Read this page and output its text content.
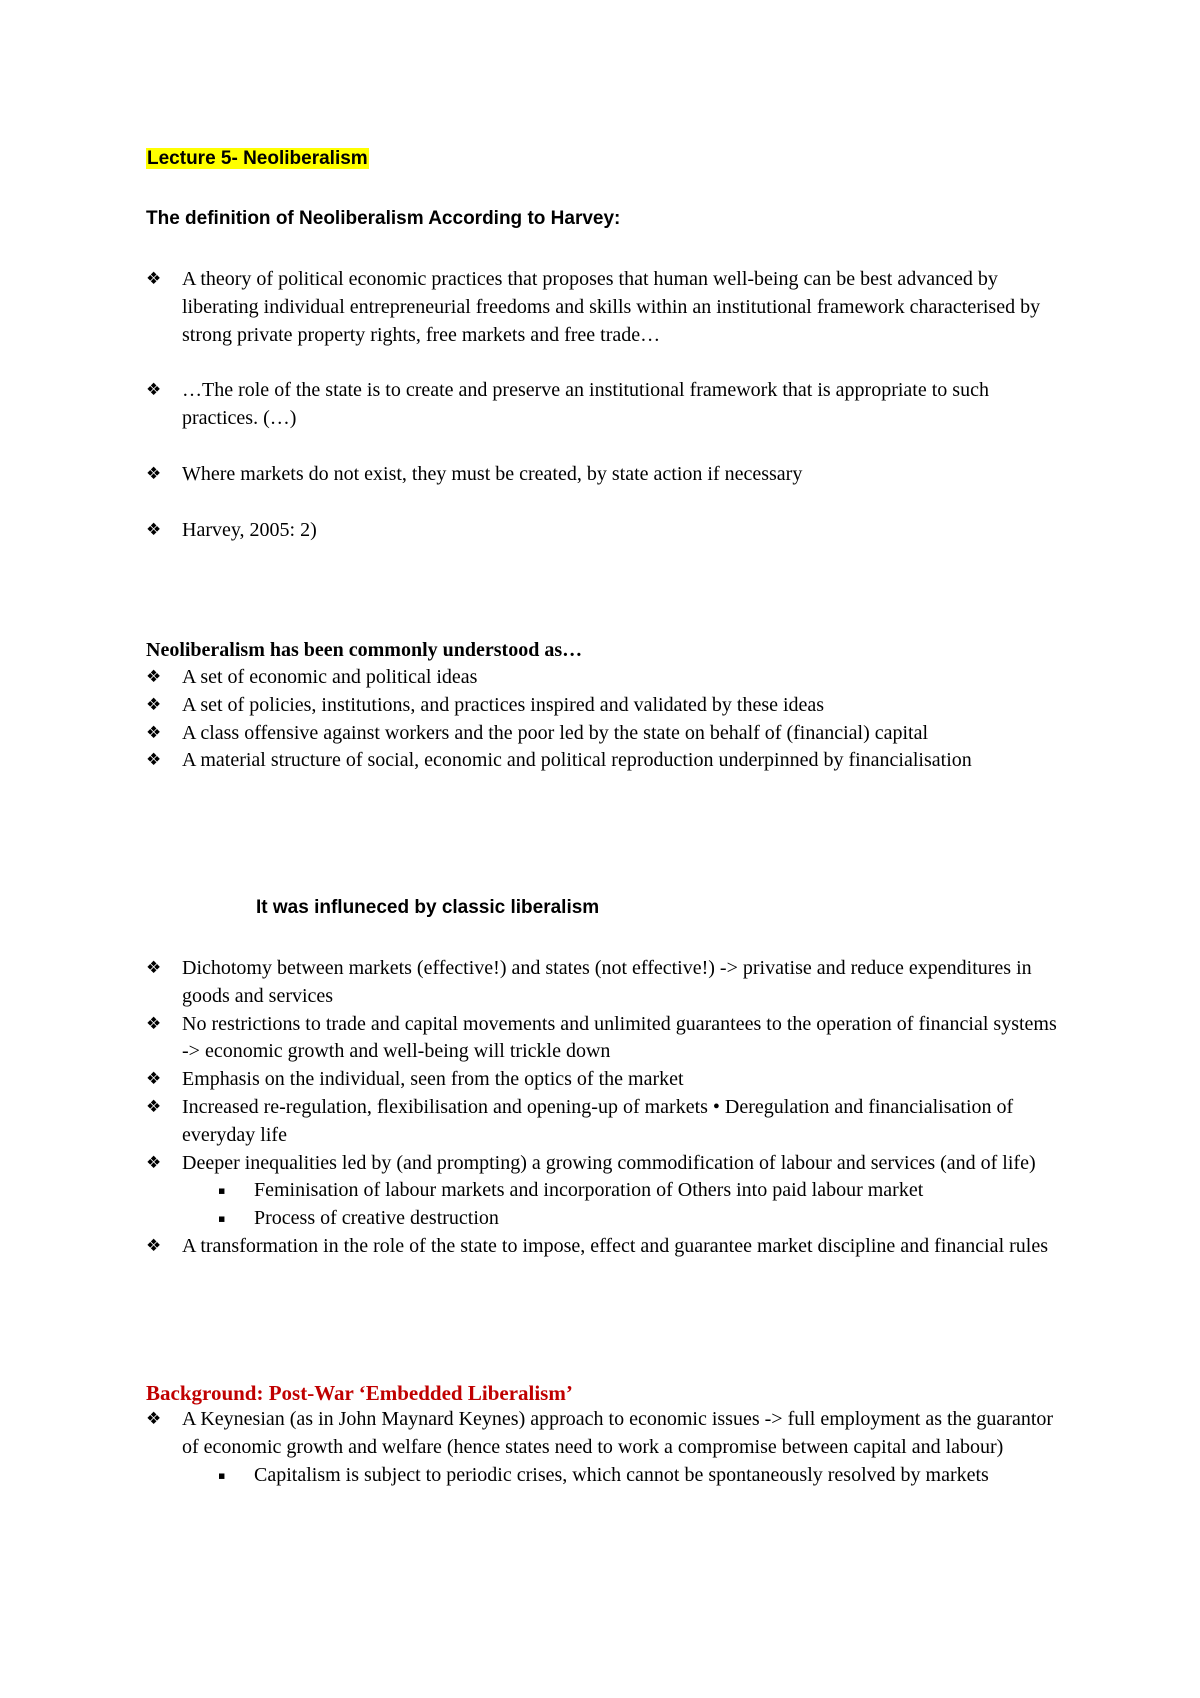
Lecture 5- Neoliberalism

The definition of Neoliberalism According to Harvey:

❖	A theory of political economic practices that proposes that human well-being can be best advanced by liberating individual entrepreneurial freedoms and skills within an institutional framework characterised by strong private property rights, free markets and free trade…
❖	…The role of the state is to create and preserve an institutional framework that is appropriate to such practices. (…)
❖	Where markets do not exist, they must be created, by state action if necessary
❖	Harvey, 2005: 2)

Neoliberalism has been commonly understood as…

❖	A set of economic and political ideas
❖	A set of policies, institutions, and practices inspired and validated by these ideas
❖	A class offensive against workers and the poor led by the state on behalf of (financial) capital
❖	A material structure of social, economic and political reproduction underpinned by financialisation

It was influneced by classic liberalism

❖	Dichotomy between markets (effective!) and states (not effective!) -> privatise and reduce expenditures in goods and services
❖	No restrictions to trade and capital movements and unlimited guarantees to the operation of financial systems -> economic growth and well-being will trickle down
❖	Emphasis on the individual, seen from the optics of the market
❖	Increased re-regulation, flexibilisation and opening-up of markets • Deregulation and financialisation of everyday life
❖	Deeper inequalities led by (and prompting) a growing commodification of labour and services (and of life)
▪	Feminisation of labour markets and incorporation of Others into paid labour market
▪	Process of creative destruction
❖	A transformation in the role of the state to impose, effect and guarantee market discipline and financial rules

Background: Post-War ‘Embedded Liberalism’

❖	A Keynesian (as in John Maynard Keynes) approach to economic issues -> full employment as the guarantor of economic growth and welfare (hence states need to work a compromise between capital and labour)
▪	Capitalism is subject to periodic crises, which cannot be spontaneously resolved by markets
